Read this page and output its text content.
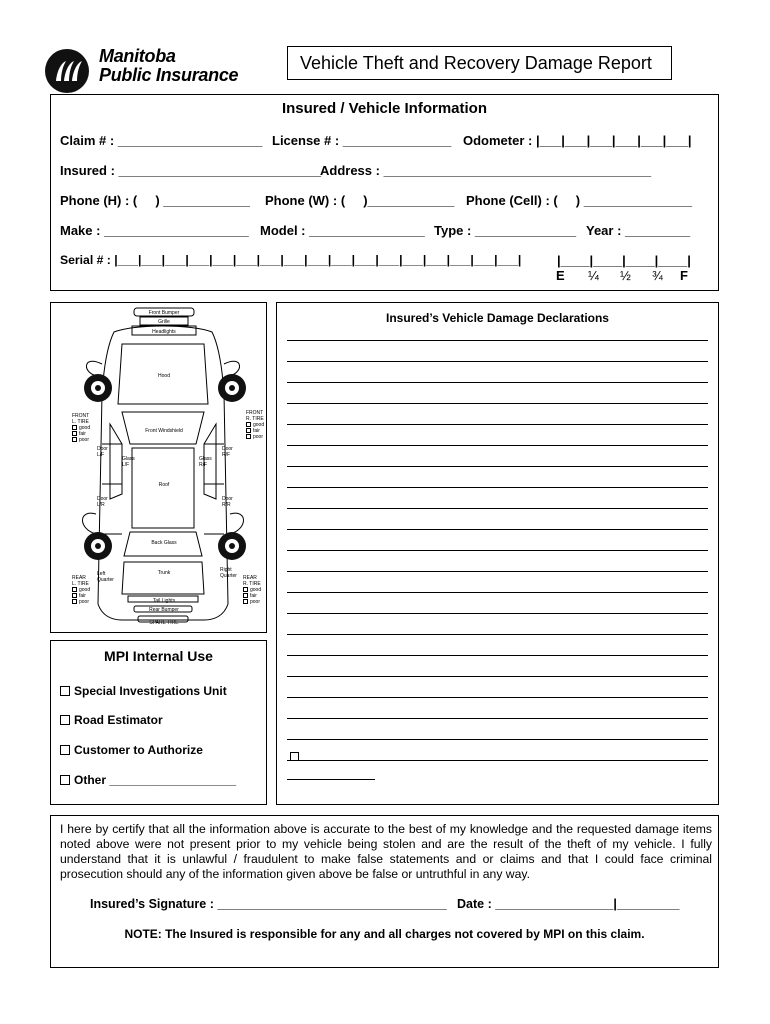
Manitoba
Public Insurance
Vehicle Theft and Recovery Damage Report
Insured / Vehicle Information
Claim # : ____________________ License # : _______________ Odometer : |___|___|___|___|___|___|
Insured : ____________________________ Address : _____________________________________
Phone (H) : (     ) ____________ Phone (W) : (     )____________ Phone (Cell) : (     ) _______________
Make : ____________________ Model : ________________ Type : ______________ Year : _________
Serial # : |___|___|___|___|___|___|___|___|___|___|___|___|___|___|___|___|___|	|____|____|____|____|
E ¼ ½ ¾ F
Front Bumper
Grille
Headlights
Hood
Front Windshield
Roof
Back Glass
Trunk
Tail Lights
Rear Bumper
SPARE TIRE
Door
L/F
Door
R/F
Door
L/R
Door
R/R
Glass
L/F
Glass
R/F
Left
Quarter
Right
Quarter
FRONT
L. TIRE
good
fair
poor
FRONT
R. TIRE
good
fair
poor
REAR
L. TIRE
good
fair
poor
REAR
R. TIRE
good
fair
poor
Insured’s Vehicle Damage Declarations
MPI Internal Use
Special Investigations Unit
Road Estimator
Customer to Authorize
Other ___________________
I here by certify that all the information above is accurate to the best of my knowledge and the requested damage items noted above were not present prior to my vehicle being stolen and are the result of the theft of my vehicle. I fully understand that it is unlawful / fraudulent to make false statements and or claims and that I could face criminal prosecution should any of the information given above be false or untruthful in any way.
Insured’s Signature : _________________________________ Date : _________________|_________
NOTE: The Insured is responsible for any and all charges not covered by MPI on this claim.
